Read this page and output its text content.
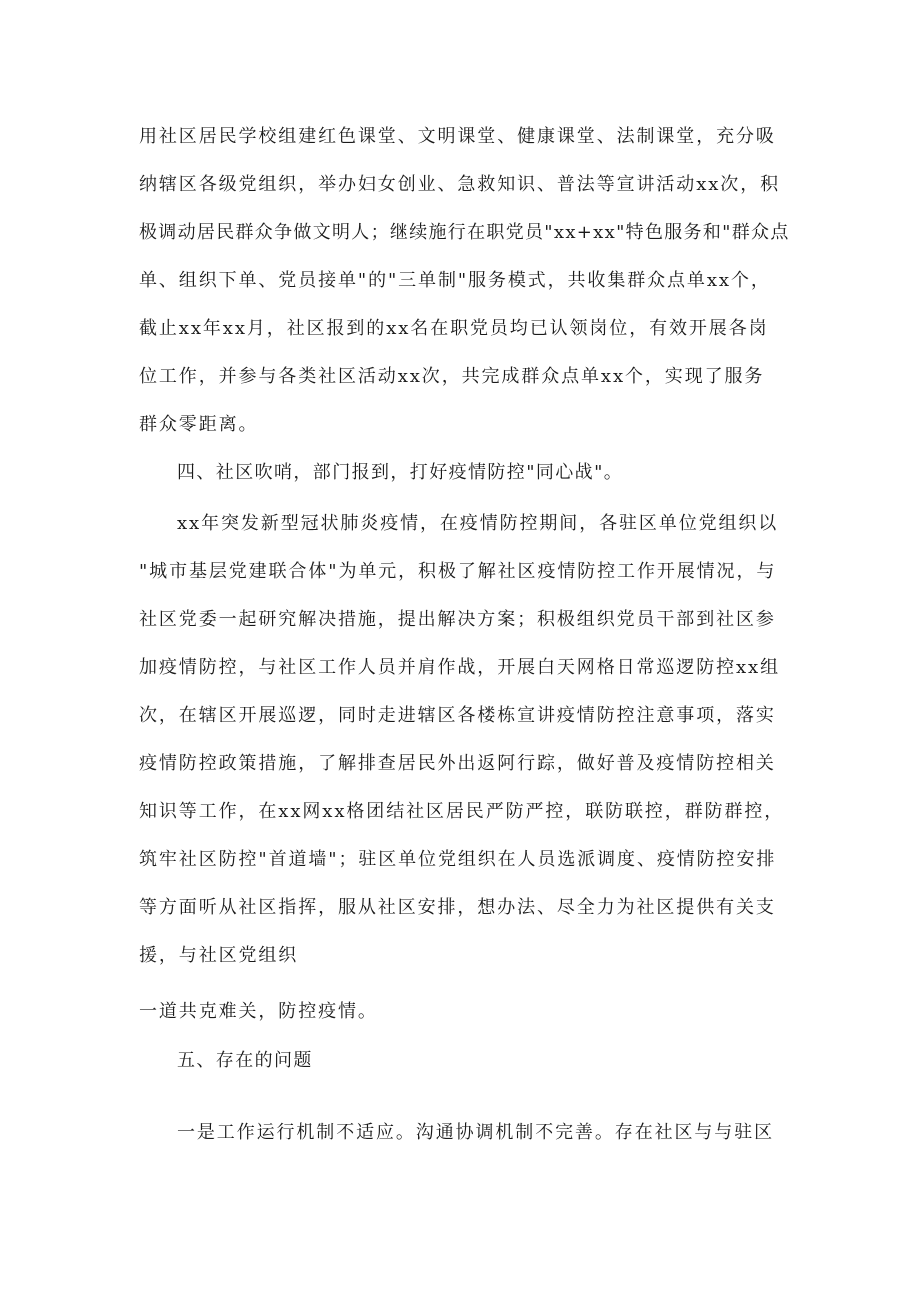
用社区居民学校组建红色课堂、文明课堂、健康课堂、法制课堂，充分吸
纳辖区各级党组织，举办妇女创业、急救知识、普法等宣讲活动xx次，积
极调动居民群众争做文明人；继续施行在职党员"xx+xx"特色服务和"群众点
单、组织下单、党员接单"的"三单制"服务模式，共收集群众点单xx个，
截止xx年xx月，社区报到的xx名在职党员均已认领岗位，有效开展各岗
位工作，并参与各类社区活动xx次，共完成群众点单xx个，实现了服务
群众零距离。

四、社区吹哨，部门报到，打好疫情防控"同心战"。

xx年突发新型冠状肺炎疫情，在疫情防控期间，各驻区单位党组织以
"城市基层党建联合体"为单元，积极了解社区疫情防控工作开展情况，与
社区党委一起研究解决措施，提出解决方案；积极组织党员干部到社区参
加疫情防控，与社区工作人员并肩作战，开展白天网格日常巡逻防控xx组
次，在辖区开展巡逻，同时走进辖区各楼栋宣讲疫情防控注意事项，落实
疫情防控政策措施，了解排查居民外出返阿行踪，做好普及疫情防控相关
知识等工作，在xx网xx格团结社区居民严防严控，联防联控，群防群控，
筑牢社区防控"首道墙"；驻区单位党组织在人员选派调度、疫情防控安排
等方面听从社区指挥，服从社区安排，想办法、尽全力为社区提供有关支
援，与社区党组织

一道共克难关，防控疫情。

五、存在的问题

一是工作运行机制不适应。沟通协调机制不完善。存在社区与与驻区
